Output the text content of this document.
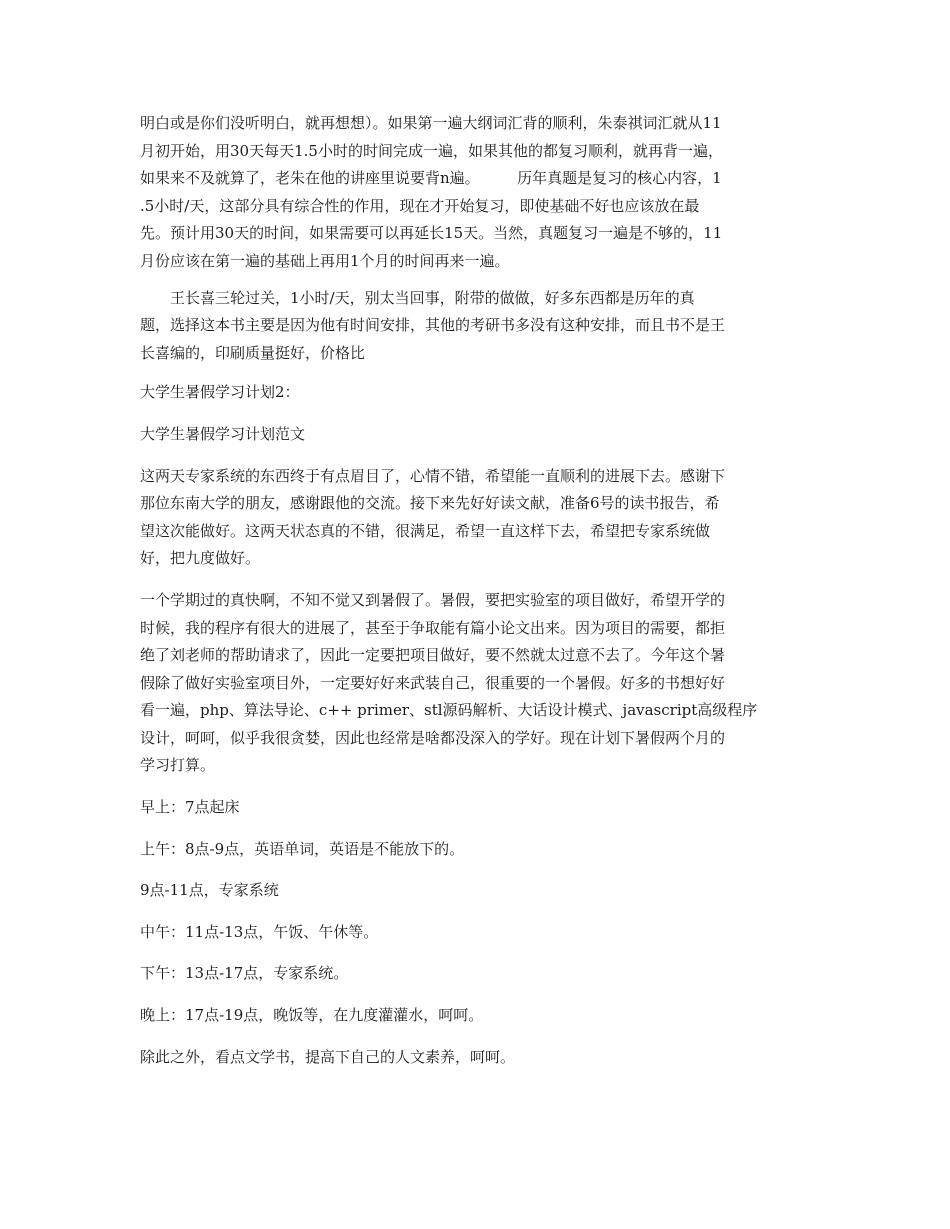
明白或是你们没听明白，就再想想）。如果第一遍大纲词汇背的顺利，朱泰祺词汇就从11
月初开始，用30天每天1.5小时的时间完成一遍，如果其他的都复习顺利，就再背一遍，
如果来不及就算了，老朱在他的讲座里说要背n遍。　　　历年真题是复习的核心内容，1
.5小时/天，这部分具有综合性的作用，现在才开始复习，即使基础不好也应该放在最
先。预计用30天的时间，如果需要可以再延长15天。当然，真题复习一遍是不够的，11
月份应该在第一遍的基础上再用1个月的时间再来一遍。

　　王长喜三轮过关，1小时/天，别太当回事，附带的做做，好多东西都是历年的真
题，选择这本书主要是因为他有时间安排，其他的考研书多没有这种安排，而且书不是王
长喜编的，印刷质量挺好，价格比

大学生暑假学习计划2：

大学生暑假学习计划范文

这两天专家系统的东西终于有点眉目了，心情不错，希望能一直顺利的进展下去。感谢下
那位东南大学的朋友，感谢跟他的交流。接下来先好好读文献，准备6号的读书报告，希
望这次能做好。这两天状态真的不错，很满足，希望一直这样下去，希望把专家系统做
好，把九度做好。

一个学期过的真快啊，不知不觉又到暑假了。暑假，要把实验室的项目做好，希望开学的
时候，我的程序有很大的进展了，甚至于争取能有篇小论文出来。因为项目的需要，都拒
绝了刘老师的帮助请求了，因此一定要把项目做好，要不然就太过意不去了。今年这个暑
假除了做好实验室项目外，一定要好好来武装自己，很重要的一个暑假。好多的书想好好
看一遍，php、算法导论、c++ primer、stl源码解析、大话设计模式、javascript高级程序
设计，呵呵，似乎我很贪婪，因此也经常是啥都没深入的学好。现在计划下暑假两个月的
学习打算。

早上：7点起床

上午：8点-9点，英语单词，英语是不能放下的。

9点-11点，专家系统

中午：11点-13点，午饭、午休等。

下午：13点-17点，专家系统。

晚上：17点-19点，晚饭等，在九度灌灌水，呵呵。

除此之外，看点文学书，提高下自己的人文素养，呵呵。
